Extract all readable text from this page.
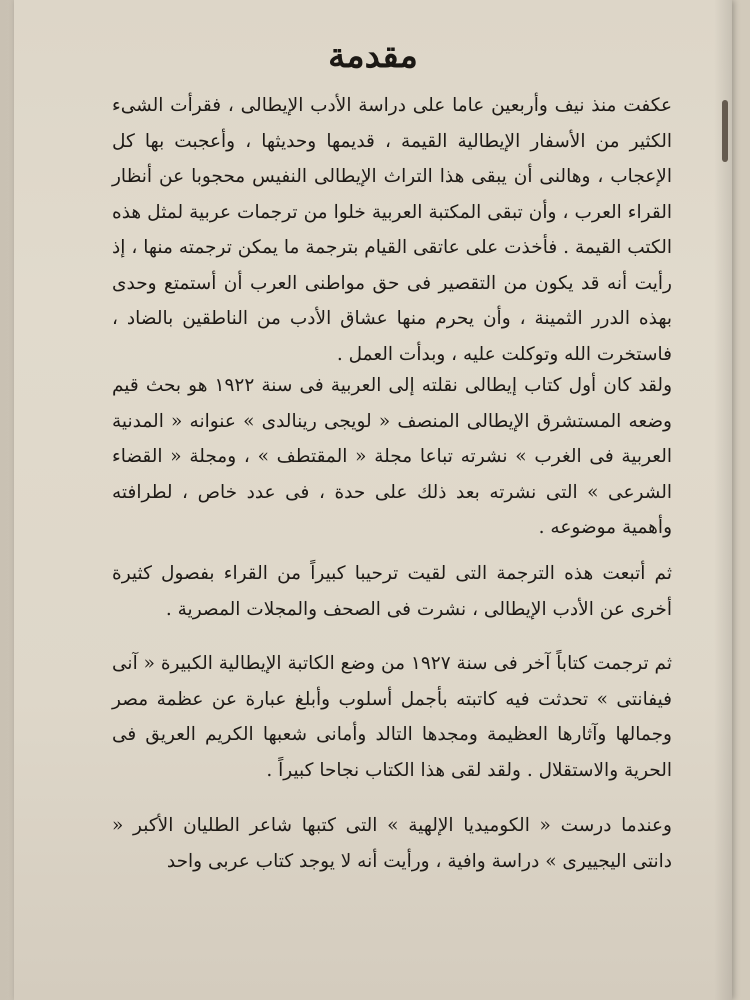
مقدمة

عكفت منذ نيف وأربعين عاما على دراسة الأدب الإيطالى ، فقرأت الشىء الكثير من الأسفار الإيطالية القيمة ، قديمها وحديثها ، وأعجبت بها كل الإعجاب ، وهالنى أن يبقى هذا التراث الإيطالى النفيس محجوبا عن أنظار القراء العرب ، وأن تبقى المكتبة العربية خلوا من ترجمات عربية لمثل هذه الكتب القيمة . فأخذت على عاتقى القيام بترجمة ما يمكن ترجمته منها ، إذ رأيت أنه قد يكون من التقصير فى حق مواطنى العرب أن أستمتع وحدى بهذه الدرر الثمينة ، وأن يحرم منها عشاق الأدب من الناطقين بالضاد ، فاستخرت الله وتوكلت عليه ، وبدأت العمل .

ولقد كان أول كتاب إيطالى نقلته إلى العربية فى سنة ١٩٢٢ هو بحث قيم وضعه المستشرق الإيطالى المنصف « لويجى رينالدى » عنوانه « المدنية العربية فى الغرب » نشرته تباعا مجلة « المقتطف » ، ومجلة « القضاء الشرعى » التى نشرته بعد ذلك على حدة ، فى عدد خاص ، لطرافته وأهمية موضوعه .

ثم أتبعت هذه الترجمة التى لقيت ترحيبا كبيراً من القراء بفصول كثيرة أخرى عن الأدب الإيطالى ، نشرت فى الصحف والمجلات المصرية .

ثم ترجمت كتاباً آخر فى سنة ١٩٢٧ من وضع الكاتبة الإيطالية الكبيرة « آنى فيفانتى » تحدثت فيه كاتبته بأجمل أسلوب وأبلغ عبارة عن عظمة مصر وجمالها وآثارها العظيمة ومجدها التالد وأمانى شعبها الكريم العريق فى الحرية والاستقلال . ولقد لقى هذا الكتاب نجاحا كبيراً .

وعندما درست « الكوميديا الإلهية » التى كتبها شاعر الطليان الأكبر « دانتى اليجييرى » دراسة وافية ، ورأيت أنه لا يوجد كتاب عربى واحد
